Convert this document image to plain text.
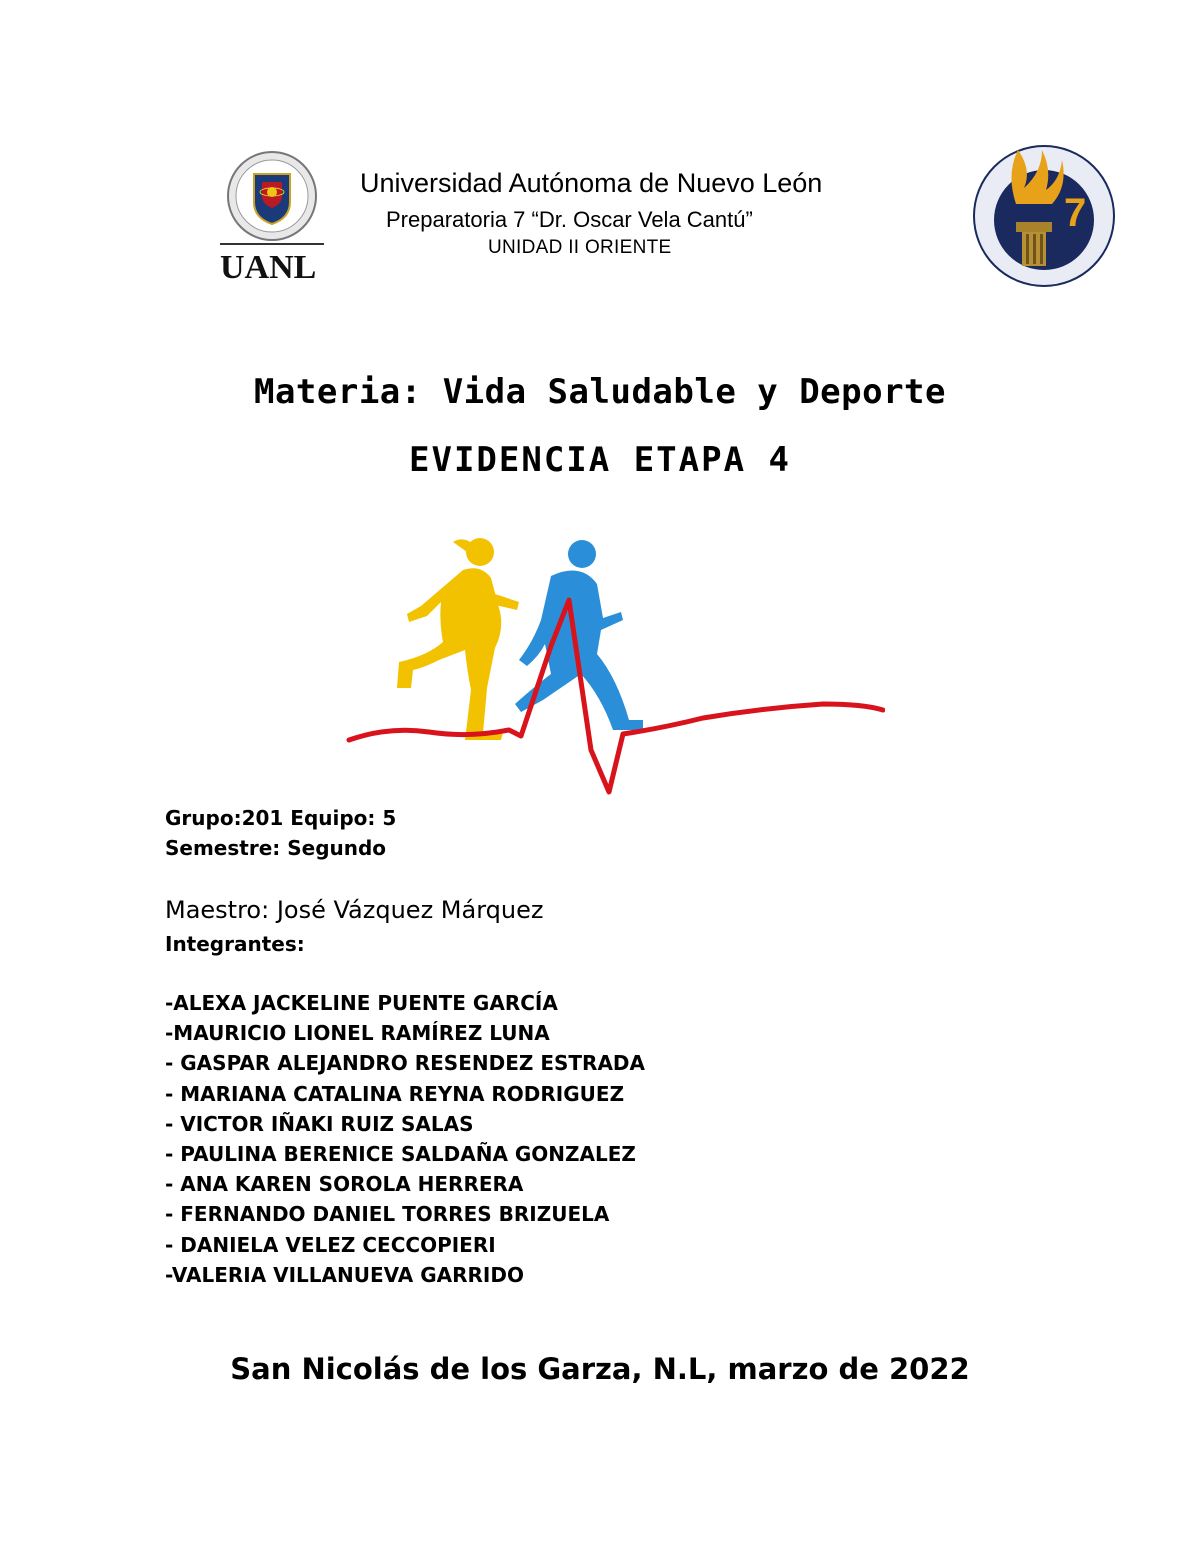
UANL
Universidad Autónoma de Nuevo León
Preparatoria 7 “Dr. Oscar Vela Cantú”
UNIDAD II ORIENTE
7
Materia: Vida Saludable y Deporte
EVIDENCIA ETAPA 4
Grupo:201 Equipo: 5
Semestre: Segundo
Maestro: José Vázquez Márquez
Integrantes:
-ALEXA JACKELINE PUENTE GARCÍA
-MAURICIO LIONEL RAMÍREZ LUNA
- GASPAR ALEJANDRO RESENDEZ ESTRADA
- MARIANA CATALINA REYNA RODRIGUEZ
- VICTOR IÑAKI RUIZ SALAS
- PAULINA BERENICE SALDAÑA GONZALEZ
- ANA KAREN SOROLA HERRERA
- FERNANDO DANIEL TORRES BRIZUELA
- DANIELA VELEZ CECCOPIERI
-VALERIA VILLANUEVA GARRIDO
San Nicolás de los Garza, N.L, marzo de 2022
